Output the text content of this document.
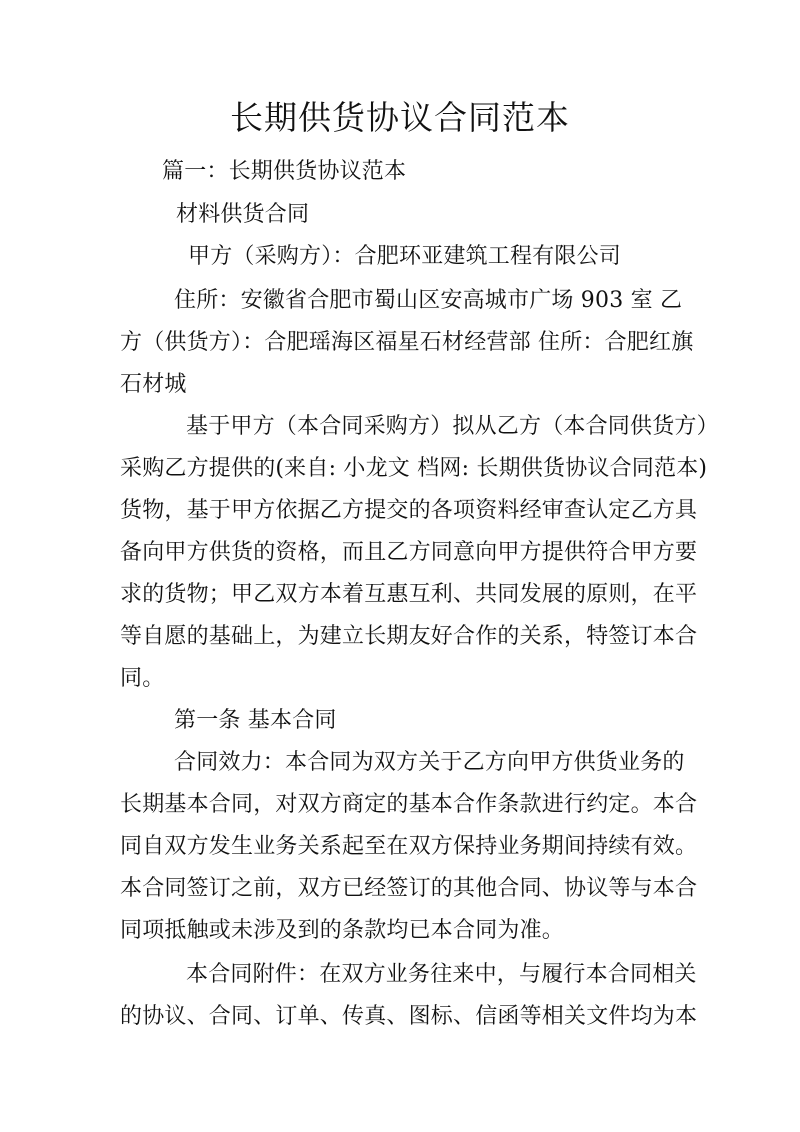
长期供货协议合同范本
篇一：长期供货协议范本
材料供货合同
甲方（采购方）：合肥环亚建筑工程有限公司
住所：安徽省合肥市蜀山区安高城市广场 903 室 乙
方（供货方）：合肥瑶海区福星石材经营部 住所：合肥红旗
石材城
基于甲方（本合同采购方）拟从乙方（本合同供货方）
采购乙方提供的(来自: 小龙文 档网: 长期供货协议合同范本)
货物，基于甲方依据乙方提交的各项资料经审查认定乙方具
备向甲方供货的资格，而且乙方同意向甲方提供符合甲方要
求的货物；甲乙双方本着互惠互利、共同发展的原则，在平
等自愿的基础上，为建立长期友好合作的关系，特签订本合
同。
第一条 基本合同
合同效力：本合同为双方关于乙方向甲方供货业务的
长期基本合同，对双方商定的基本合作条款进行约定。本合
同自双方发生业务关系起至在双方保持业务期间持续有效。
本合同签订之前，双方已经签订的其他合同、协议等与本合
同项抵触或未涉及到的条款均已本合同为准。
本合同附件：在双方业务往来中，与履行本合同相关
的协议、合同、订单、传真、图标、信函等相关文件均为本
